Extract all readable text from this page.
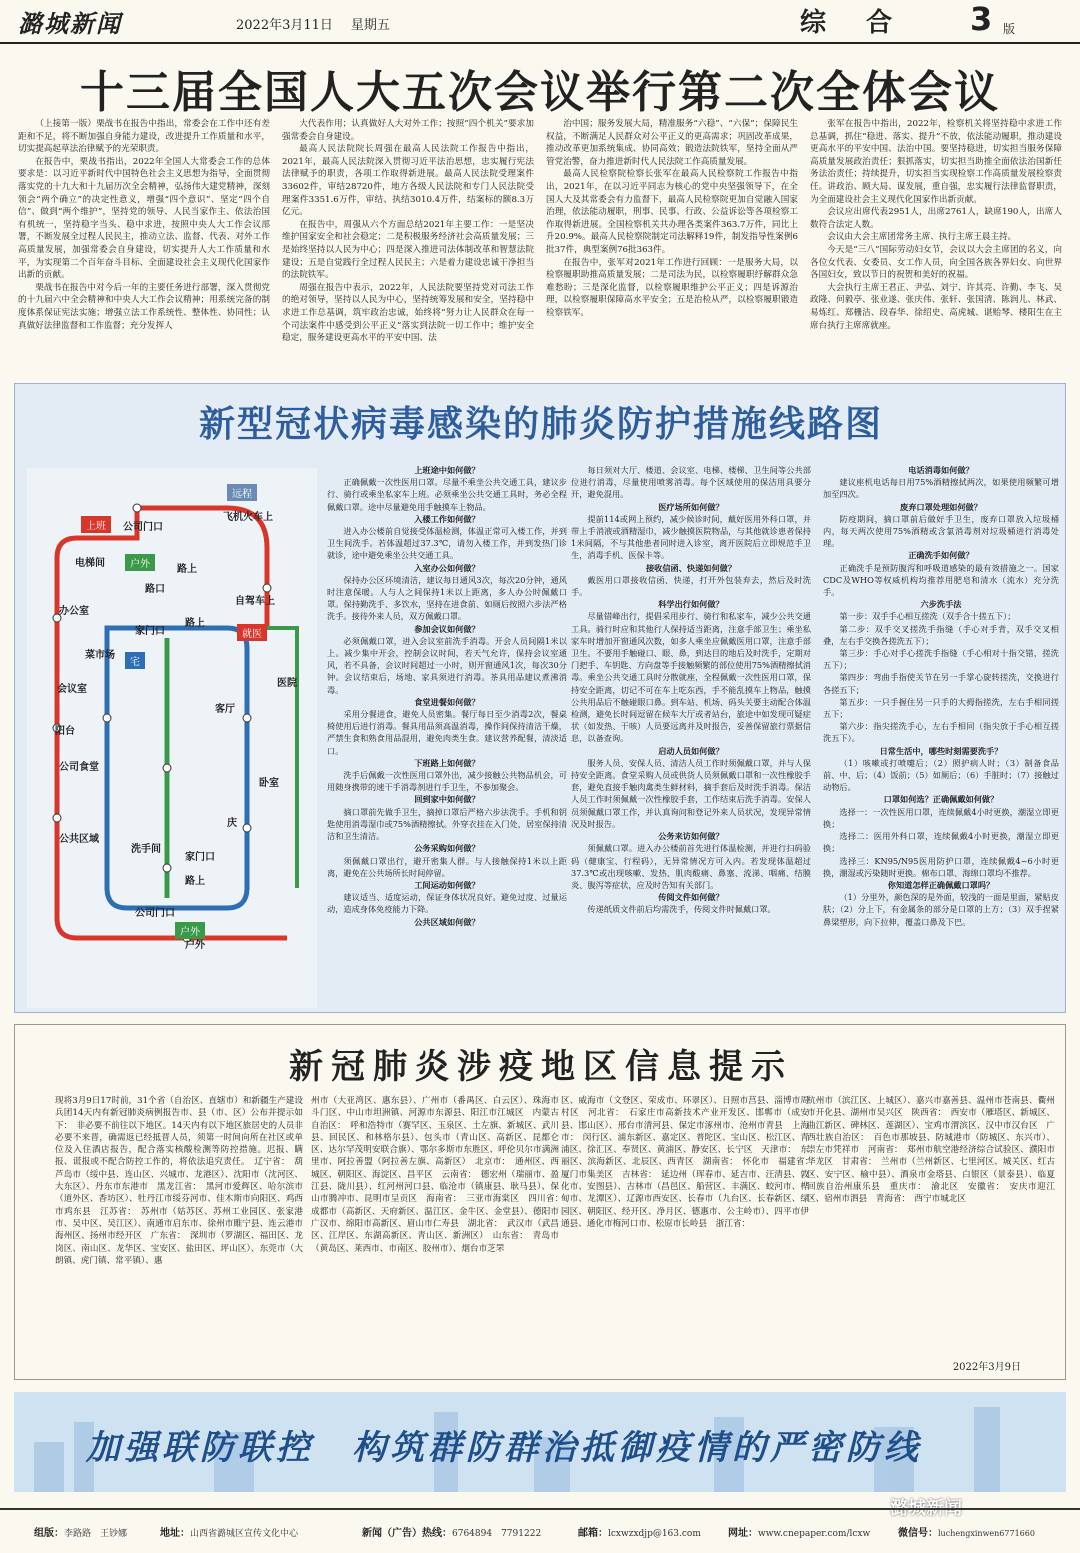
潞城新闻	2022年3月11日 星期五	综合 3 版
十三届全国人大五次会议举行第二次全体会议

（上接第一版）栗战书在报告中指出，常委会在工作中还有差距和不足，将不断加强自身能力建设，改进提升工作质量和水平，切实提高起草法治律赋予的光荣职责。

在报告中，栗战书指出，2022年全国人大常委会工作的总体要求是：以习近平新时代中国特色社会主义思想为指导，全面贯彻落实党的十九大和十九届历次全会精神，弘扬伟大建党精神，深刻领会“两个确立”的决定性意义，增强“四个意识”、坚定“四个自信”、做到“两个维护”，坚持党的领导、人民当家作主、依法治国有机统一，坚持稳字当头、稳中求进，按照中央人大工作会议部署，不断发展全过程人民民主，推动立法、监督、代表、对外工作高质量发展，加强常委会自身建设，切实提升人大工作质量和水平，为实现第二个百年奋斗目标、全面建设社会主义现代化国家作出新的贡献。

栗战书在报告中对今后一年的主要任务进行部署，深入贯彻党的十九届六中全会精神和中央人大工作会议精神；用系统完备的制度体系保证宪法实施；增强立法工作系统性、整体性、协同性；认真做好法律监督和工作监督；充分发挥人

大代表作用；认真做好人大对外工作；按照“四个机关”要求加强常委会自身建设。

最高人民法院院长周强在最高人民法院工作报告中指出，2021年，最高人民法院深入贯彻习近平法治思想，忠实履行宪法法律赋予的职责，各项工作取得新进展。最高人民法院受理案件33602件，审结28720件，地方各级人民法院和专门人民法院受理案件3351.6万件，审结、执结3010.4万件，结案标的额8.3万亿元。

在报告中，周强从六个方面总结2021年主要工作：一是坚决维护国家安全和社会稳定；二是积极服务经济社会高质量发展；三是始终坚持以人民为中心；四是深入推进司法体制改革和智慧法院建设；五是自觉践行全过程人民民主；六是着力建设忠诚干净担当的法院铁军。

周强在报告中表示，2022年，人民法院要坚持党对司法工作的绝对领导，坚持以人民为中心，坚持统筹发展和安全，坚持稳中求进工作总基调，筑牢政治忠诚，始终将“努力让人民群众在每一个司法案件中感受到公平正义”落实到法院一切工作中；维护安全稳定，服务建设更高水平的平安中国、法

治中国；服务发展大局，精准服务“六稳”、“六保”；保障民生权益，不断满足人民群众对公平正义的更高需求；巩固改革成果，推动改革更加系统集成、协同高效；锻造法院铁军，坚持全面从严管党治警，奋力推进新时代人民法院工作高质量发展。

最高人民检察院检察长张军在最高人民检察院工作报告中指出，2021年，在以习近平同志为核心的党中央坚强领导下，在全国人大及其常委会有力监督下，最高人民检察院更加自觉融入国家治理，依法能动履职，刑事、民事、行政、公益诉讼等各项检察工作取得新进展。全国检察机关共办理各类案件363.7万件，同比上升20.9%。最高人民检察院制定司法解释19件，制发指导性案例6批37件，典型案例76批363件。

在报告中，张军对2021年工作进行回顾：一是服务大局，以检察履职助推高质量发展；二是司法为民，以检察履职纾解群众急难愁盼；三是深化监督，以检察履职维护公平正义；四是诉源治理，以检察履职保障高水平安全；五是治检从严，以检察履职锻造检察铁军。

张军在报告中指出，2022年，检察机关将坚持稳中求进工作总基调，抓住“稳进、落实、提升”不放，依法能动履职，推动建设更高水平的平安中国、法治中国。要坚持稳进，切实担当服务保障高质量发展政治责任；狠抓落实，切实担当助推全面依法治国新任务法治责任；持续提升，切实担当实现检察工作高质量发展检察责任。讲政治、顾大局、谋发展，重自强，忠实履行法律监督职责，为全面建设社会主义现代化国家作出新贡献。

会议应出席代表2951人，出席2761人，缺席190人，出席人数符合法定人数。

会议由大会主席团常务主席、执行主席王晨主持。

今天是“三八”国际劳动妇女节，会议以大会主席团的名义，向各位女代表、女委员、女工作人员，向全国各族各界妇女、向世界各国妇女，致以节日的祝贺和美好的祝福。

大会执行主席王君正、尹弘、刘宁、许其亮、许勤、李飞、吴政隆、何毅亭、张业遂、张庆伟、张轩、张国清、陈润儿、林武、易炼红、郑栅洁、段春华、徐绍史、高虎城、谌贻琴、楼阳生在主席台执行主席席就座。

新型冠状病毒感染的肺炎防护措施线路图
上班
户外
远程
就医
户外
公司门口
飞机火车上
电梯间
路上
路口
办公室
自驾车上
家门口
路上
宅
会议室
阳台
公司食堂
菜市场
医院
客厅
公共区域
洗手间
卧室
家门口
路上
公司门口
户外
庆

上班途中如何做？

正确佩戴一次性医用口罩。尽量不乘坐公共交通工具，建议步行、骑行或乘坐私家车上班。必须乘坐公共交通工具时，务必全程佩戴口罩。途中尽量避免用手触摸车上物品。

入楼工作如何做？

进入办公楼前自觉接受体温检测，体温正常可入楼工作，并到卫生间洗手。若体温超过37.3℃，请勿入楼工作，并到发热门诊就诊，途中避免乘坐公共交通工具。

入室办公如何做？

保持办公区环境清洁，建议每日通风3次，每次20分钟，通风时注意保暖。人与人之间保持1米以上距离，多人办公时佩戴口罩。保持勤洗手、多饮水，坚持在进食前、如厕后按照六步法严格洗手。接待外来人员，双方佩戴口罩。

参加会议如何做？

必须佩戴口罩，进入会议室前洗手消毒。开会人员间隔1米以上。减少集中开会，控制会议时间，若天气允许，保持会议室通风，若不具备，会议时间超过一小时，则开窗通风1次，每次30分钟。会议结束后，场地、家具须进行消毒。茶具用品建议煮沸消毒。

食堂进餐如何做？

采用分餐进食，避免人员密集。餐厅每日至少消毒2次，餐桌椅使用后进行消毒。餐具用品须高温消毒，操作间保持清洁干燥，严禁生食和熟食用品混用，避免肉类生食。建议营养配餐，清淡适口。

下班路上如何做？

洗手后佩戴一次性医用口罩外出，减少接触公共物品机会，可用随身携带的速干手消毒剂进行手卫生，不参加聚会。

回到家中如何做？

摘口罩前先做手卫生，摘掉口罩后严格六步法洗手。手机和钥匙使用消毒湿巾或75%酒精擦拭。外穿衣挂在入门处，居室保持清洁和卫生清洁。

公务采购如何做？

须佩戴口罩出行，避开密集人群。与人接触保持1米以上距离，避免在公共场所长时间停留。

工间运动如何做？

建议适当、适度运动，保证身体状况良好。避免过度、过量运动，造成身体免疫能力下降。

公共区域如何做？

每日须对大厅、楼道、会议室、电梯、楼梯、卫生间等公共部位进行消毒，尽量使用喷雾消毒。每个区域使用的保洁用具要分开，避免混用。

医疗场所如何做？

提前114或网上预约，减少候诊时间，戴好医用外科口罩，并带上手消液或酒精湿巾，减少触摸医院物品，与其他就诊患者保持1米间隔，不与其他患者同时进入诊室，离开医院后立即规范手卫生，消毒手机、医保卡等。

接收信函、快递如何做？

戴医用口罩接收信函、快递，打开外包装弃去，然后及时洗手。

科学出行如何做？

尽量错峰出行，提倡采用步行、骑行和私家车，减少公共交通工具。骑行时应和其他行人保持适当距离，注意手部卫生；乘坐私家车时增加开窗通风次数，如多人乘坐应佩戴医用口罩，注意手部卫生。不要用手触碰口、眼、鼻，到达目的地后及时洗手，定期对门把手、车钥匙、方向盘等手接触频繁的部位使用75%酒精擦拭消毒。乘坐公共交通工具时分散就座，全程佩戴一次性医用口罩，保持安全距离，切记不可在车上吃东西，手不能乱摸车上物品，触摸公共用品后不触碰眼口鼻。到车站、机场、码头关要主动配合体温检测，避免长时间逗留在候车大厅或者站台，旅途中如发现可疑症状（如发热、干咳）人员要远离并及时报告，妥善保留旅行票据信息，以备查询。

启动人员如何做？

服务人员、安保人员、清洁人员工作时须佩戴口罩，并与人保持安全距离。食堂采购人员或供货人员须佩戴口罩和一次性橡胶手套，避免直接手触肉禽类生鲜材料，摘手套后及时洗手消毒。保洁人员工作时须佩戴一次性橡胶手套，工作结束后洗手消毒。安保人员须佩戴口罩工作，并认真询问和登记外来人员状况，发现异常情况及时报告。

公务来访如何做？

须佩戴口罩。进入办公楼前首先进行体温检测，并进行扫码验码（健康宝、行程码），无异常情况方可入内。若发现体温超过37.3℃或出现咳嗽、发热、肌肉酸痛、鼻塞、流涕、咽痛、结膜炎、腹泻等症状，应及时告知有关部门。

传阅文件如何做？

传递纸质文件前后均需洗手，传阅文件时佩戴口罩。

电话消毒如何做？

建议座机电话每日用75%酒精擦拭两次，如果使用频繁可增加至四次。

废弃口罩处理如何做？

防疫期间，摘口罩前后做好手卫生，废弃口罩放入垃圾桶内，每天两次使用75%酒精或含氯消毒剂对垃圾桶进行消毒处理。

正确洗手如何做？

正确洗手是预防腹泻和呼吸道感染的最有效措施之一。国家CDC及WHO等权威机构均推荐用肥皂和清水（流水）充分洗手。

六步洗手法

第一步：双手手心相互搓洗（双手合十搓五下）；

第二步：双手交叉搓洗手指缝（手心对手背，双手交叉相叠，左右手交换各搓洗五下）；

第三步：手心对手心搓洗手指缝（手心相对十指交错，搓洗五下）；

第四步：弯曲手指使关节在另一手掌心旋转搓洗，交换进行各搓五下；

第五步：一只手握住另一只手的大拇指搓洗，左右手相同搓五下；

第六步：指尖搓洗手心，左右手相同（指尖放于手心相互搓洗五下）。

日常生活中，哪些时刻需要洗手？

（1）咳嗽或打喷嚏后；（2）照护病人时；（3）制备食品前、中、后；（4）饭前；（5）如厕后；（6）手脏时；（7）接触过动物后。

口罩如何选？正确佩戴如何做？

选择一：一次性医用口罩，连续佩戴4小时更换，潮湿立即更换；

选择二：医用外科口罩，连续佩戴4小时更换，潮湿立即更换；

选择三：KN95/N95医用防护口罩，连续佩戴4~6小时更换，潮湿或污染随时更换。棉布口罩、海绵口罩均不推荐。

你知道怎样正确佩戴口罩吗？

（1）分里外，颜色深的是外面，较浅的一面是里面，紧贴皮肤；（2）分上下，有金属条的部分是口罩的上方；（3）双手捏紧鼻梁塑形，向下拉伸，覆盖口鼻及下巴。

新冠肺炎涉疫地区信息提示
现将3月9日17时前，31个省（自治区、直辖市）和新疆生产建设兵团14天内有新冠肺炎病例报告市、县（市、区）公布并提示如下：　非必要不前往以下地区。14天内有以下地区旅居史的人员非必要不来晋，确需返已经抵晋人员，须第一时间向所在社区或单位及入住酒店报告，配合落实核酸检测等防控措施。迟报、瞒报、谎报或不配合防控工作的，将依法追究责任。　辽宁省：　葫芦岛市（绥中县、连山区、兴城市、龙港区）、沈阳市（沈河区、大东区）、丹东市东港市　黑龙江省：　黑河市爱辉区、哈尔滨市（道外区、香坊区）、牡丹江市绥芬河市、佳木斯市向阳区、鸡西市鸡东县　江苏省：　苏州市（姑苏区、苏州工业园区、张家港市、吴中区、吴江区）、南通市启东市、徐州市睢宁县、连云港市海州区、扬州市经开区　广东省：　深圳市（罗湖区、福田区、龙岗区、南山区、龙华区、宝安区、盐田区、坪山区）、东莞市（大朗镇、虎门镇、常平镇）、惠
州市（大亚湾区、惠东县）、广州市（番禺区、白云区）、珠海市斗门区、中山市坦洲镇、河源市东源县、阳江市江城区　内蒙古自治区：　呼和浩特市（赛罕区、玉泉区、土左旗、新城区、武川县、回民区、和林格尔县）、包头市（青山区、高新区、昆都仑区、达尔罕茂明安联合旗）、鄂尔多斯市东胜区、呼伦贝尔市满洲里市、阿拉善盟（阿拉善左旗、高新区）　北京市：　通州区、西城区、朝阳区、海淀区、昌平区　云南省：　德宏州（瑞丽市、盈江县、陇川县）、红河州河口县、临沧市（镇康县、耿马县）、保山市腾冲市、昆明市呈贡区　海南省：　三亚市海棠区　四川省：　成都市（高新区、天府新区、温江区、金牛区、金堂县）、德阳市广汉市、绵阳市高新区、眉山市仁寿县　湖北省：　武汉市（武昌区、江岸区、东湖高新区、青山区、新洲区）　山东省：　青岛市（黄岛区、莱西市、市南区、胶州市）、烟台市芝罘
区、威海市（文登区、荣成市、环翠区）、日照市莒县、淄博市周村区　河北省：　石家庄市高新技术产业开发区、邯郸市（成安县、邯山区）、邢台市清河县、保定市涿州市、沧州市青县　上海市：　闵行区、浦东新区、嘉定区、普陀区、宝山区、松江区、青浦区、徐汇区、奉贤区、黄浦区、静安区、长宁区　天津市：　东丽区、滨海新区、北辰区、西青区　湖南省：　怀化市　福建省：　厦门市集美区　吉林省：　延边州（珲春市、延吉市、汪清县、敦化市、安图县）、吉林市（昌邑区、船营区、丰满区、蛟河市、桦甸市、龙潭区）、辽源市西安区、长春市（九台区、长春新区、绿园区、朝阳区、经开区、净月区、德惠市、公主岭市）、四平市伊通县、通化市梅河口市、松原市长岭县　浙江省：
杭州市（滨江区、上城区）、嘉兴市嘉善县、温州市苍南县、衢州市开化县、湖州市吴兴区　陕西省：　西安市（雁塔区、新城区、曲江新区、碑林区、莲湖区）、宝鸡市渭滨区、汉中市汉台区　广西壮族自治区：　百色市那坡县、防城港市（防城区、东兴市）、崇左市凭祥市　河南省：　郑州市航空港经济综合试验区、濮阳市华龙区　甘肃省：　兰州市（兰州新区、七里河区、城关区、红古区、安宁区、榆中县）、酒泉市金塔县、白银区（景泰县）、临夏回族自治州康乐县　重庆市：　渝北区　安徽省：　安庆市迎江区、宿州市泗县　青海省：　西宁市城北区
2022年3月9日
加强联防联控　构筑群防群治抵御疫情的严密防线
潞城新闻
组版：李路路　王钞娜	地址：山西省潞城区宣传文化中心	新闻（广告）热线：6764894　7791222	邮箱：lcxwzxdjp@163.com	网址：www.cnepaper.com/lcxw	微信号：luchengxinwen6771660
